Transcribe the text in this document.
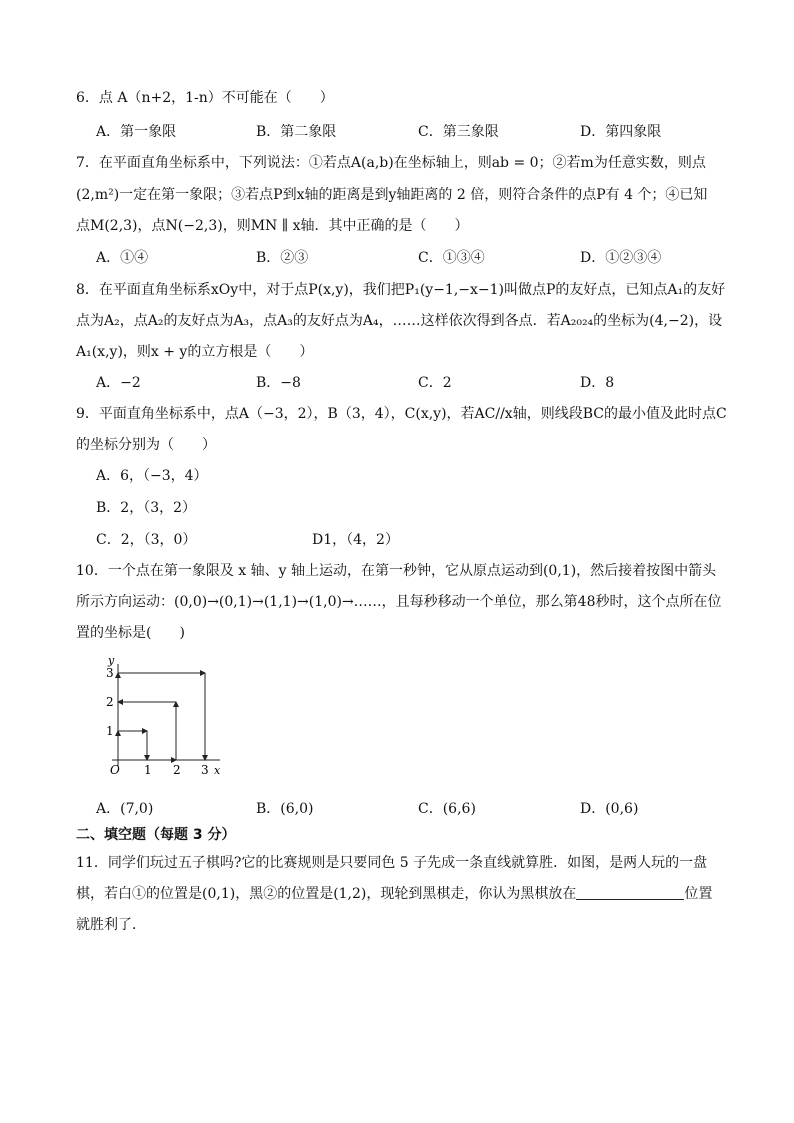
6．点 A（n+2，1-n）不可能在（　　）
A．第一象限	B．第二象限	C．第三象限	D．第四象限
7．在平面直角坐标系中，下列说法：①若点A(a,b)在坐标轴上，则ab = 0；②若m为任意实数，则点
(2,m²)一定在第一象限；③若点P到x轴的距离是到y轴距离的 2 倍，则符合条件的点P有 4 个；④已知
点M(2,3)，点N(−2,3)，则MN ∥ x轴．其中正确的是（　　）
A．①④	B．②③	C．①③④	D．①②③④
8．在平面直角坐标系xOy中，对于点P(x,y)，我们把P₁(y−1,−x−1)叫做点P的友好点，已知点A₁的友好
点为A₂，点A₂的友好点为A₃，点A₃的友好点为A₄，……这样依次得到各点．若A₂₀₂₄的坐标为(4,−2)，设
A₁(x,y)，则x + y的立方根是（　　）
A．−2	B．−8	C．2	D．8
9．平面直角坐标系中，点A（−3，2），B（3，4），C(x,y)，若AC//x轴，则线段BC的最小值及此时点C
的坐标分别为（　　）
A．6，（−3，4）
B．2，（3，2）
C．2，（3，0）	D1，（4，2）
10．一个点在第一象限及 x 轴、y 轴上运动，在第一秒钟，它从原点运动到(0,1)，然后接着按图中箭头
所示方向运动：(0,0)→(0,1)→(1,1)→(1,0)→……，且每秒移动一个单位，那么第48秒时，这个点所在位
置的坐标是(　　)
O 1 2 3 x
1
2
3
y
A．(7,0)	B．(6,0)	C．(6,6)	D．(0,6)
二、填空题（每题 3 分）
11．同学们玩过五子棋吗?它的比赛规则是只要同色 5 子先成一条直线就算胜．如图，是两人玩的一盘
棋，若白①的位置是(0,1)，黑②的位置是(1,2)，现轮到黑棋走，你认为黑棋放在	位置
就胜利了．
